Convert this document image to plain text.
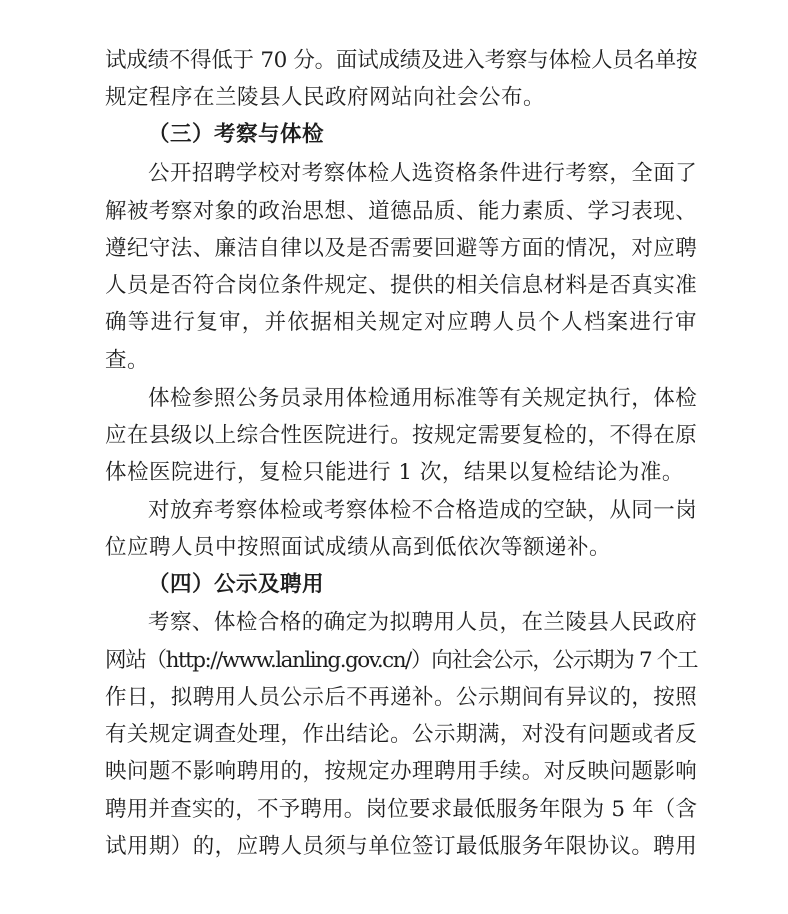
试成绩不得低于 70 分。面试成绩及进入考察与体检人员名单按
规定程序在兰陵县人民政府网站向社会公布。
（三）考察与体检
公开招聘学校对考察体检人选资格条件进行考察，全面了
解被考察对象的政治思想、道德品质、能力素质、学习表现、
遵纪守法、廉洁自律以及是否需要回避等方面的情况，对应聘
人员是否符合岗位条件规定、提供的相关信息材料是否真实准
确等进行复审，并依据相关规定对应聘人员个人档案进行审
查。
体检参照公务员录用体检通用标准等有关规定执行，体检
应在县级以上综合性医院进行。按规定需要复检的，不得在原
体检医院进行，复检只能进行 1 次，结果以复检结论为准。
对放弃考察体检或考察体检不合格造成的空缺，从同一岗
位应聘人员中按照面试成绩从高到低依次等额递补。
（四）公示及聘用
考察、体检合格的确定为拟聘用人员，在兰陵县人民政府
网站（http://www.lanling.gov.cn/）向社会公示，公示期为 7 个工
作日，拟聘用人员公示后不再递补。公示期间有异议的，按照
有关规定调查处理，作出结论。公示期满，对没有问题或者反
映问题不影响聘用的，按规定办理聘用手续。对反映问题影响
聘用并查实的，不予聘用。岗位要求最低服务年限为 5 年（含
试用期）的，应聘人员须与单位签订最低服务年限协议。聘用
